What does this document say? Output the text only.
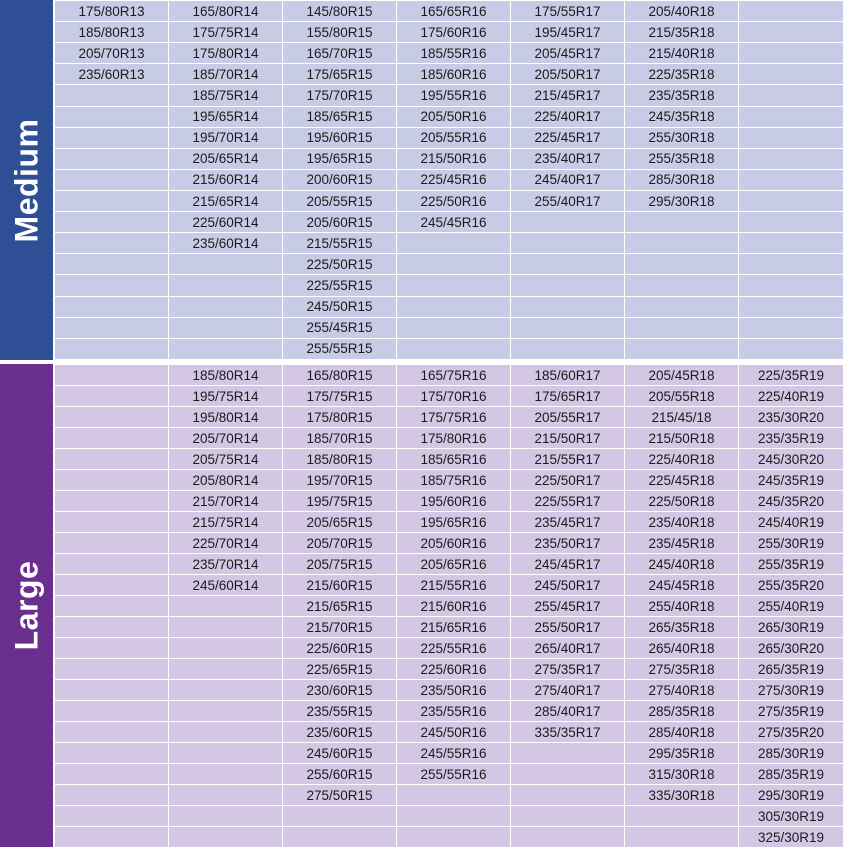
Medium
175/80R13	165/80R14	145/80R15	165/65R16	175/55R17	205/40R18	
185/80R13	175/75R14	155/80R15	175/60R16	195/45R17	215/35R18	
205/70R13	175/80R14	165/70R15	185/55R16	205/45R17	215/40R18	
235/60R13	185/70R14	175/65R15	185/60R16	205/50R17	225/35R18	
	185/75R14	175/70R15	195/55R16	215/45R17	235/35R18	
	195/65R14	185/65R15	205/50R16	225/40R17	245/35R18	
	195/70R14	195/60R15	205/55R16	225/45R17	255/30R18	
	205/65R14	195/65R15	215/50R16	235/40R17	255/35R18	
	215/60R14	200/60R15	225/45R16	245/40R17	285/30R18	
	215/65R14	205/55R15	225/50R16	255/40R17	295/30R18	
	225/60R14	205/60R15	245/45R16			
	235/60R14	215/55R15				
		225/50R15				
		225/55R15				
		245/50R15				
		255/45R15				
		255/55R15				
Large
	185/80R14	165/80R15	165/75R16	185/60R17	205/45R18	225/35R19
	195/75R14	175/75R15	175/70R16	175/65R17	205/55R18	225/40R19
	195/80R14	175/80R15	175/75R16	205/55R17	215/45/18	235/30R20
	205/70R14	185/70R15	175/80R16	215/50R17	215/50R18	235/35R19
	205/75R14	185/80R15	185/65R16	215/55R17	225/40R18	245/30R20
	205/80R14	195/70R15	185/75R16	225/50R17	225/45R18	245/35R19
	215/70R14	195/75R15	195/60R16	225/55R17	225/50R18	245/35R20
	215/75R14	205/65R15	195/65R16	235/45R17	235/40R18	245/40R19
	225/70R14	205/70R15	205/60R16	235/50R17	235/45R18	255/30R19
	235/70R14	205/75R15	205/65R16	245/45R17	245/40R18	255/35R19
	245/60R14	215/60R15	215/55R16	245/50R17	245/45R18	255/35R20
		215/65R15	215/60R16	255/45R17	255/40R18	255/40R19
		215/70R15	215/65R16	255/50R17	265/35R18	265/30R19
		225/60R15	225/55R16	265/40R17	265/40R18	265/30R20
		225/65R15	225/60R16	275/35R17	275/35R18	265/35R19
		230/60R15	235/50R16	275/40R17	275/40R18	275/30R19
		235/55R15	235/55R16	285/40R17	285/35R18	275/35R19
		235/60R15	245/50R16	335/35R17	285/40R18	275/35R20
		245/60R15	245/55R16		295/35R18	285/30R19
		255/60R15	255/55R16		315/30R18	285/35R19
		275/50R15			335/30R18	295/30R19
						305/30R19
						325/30R19
